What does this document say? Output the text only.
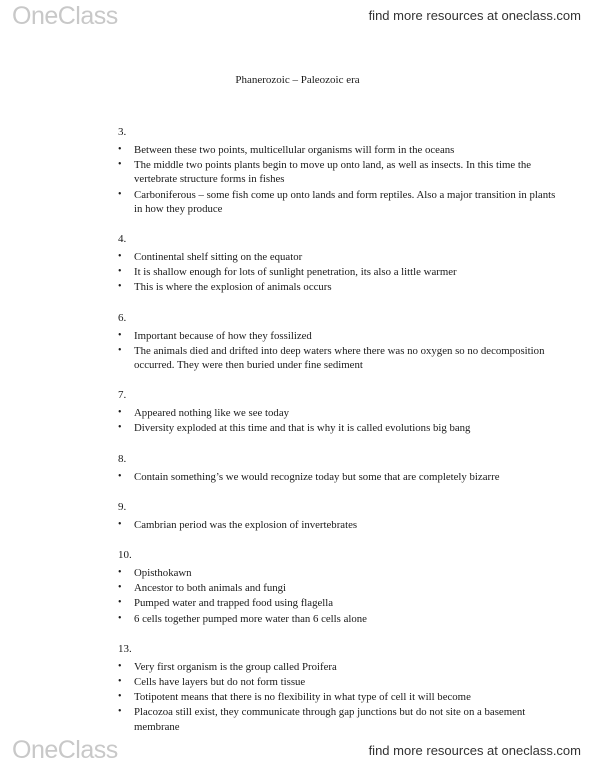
OneClass	find more resources at oneclass.com
Phanerozoic – Paleozoic era
3.
• Between these two points, multicellular organisms will form in the oceans
• The middle two points plants begin to move up onto land, as well as insects. In this time the vertebrate structure forms in fishes
• Carboniferous – some fish come up onto lands and form reptiles. Also a major transition in plants in how they produce
4.
• Continental shelf sitting on the equator
• It is shallow enough for lots of sunlight penetration, its also a little warmer
• This is where the explosion of animals occurs
6.
• Important because of how they fossilized
• The animals died and drifted into deep waters where there was no oxygen so no decomposition occurred. They were then buried under fine sediment
7.
• Appeared nothing like we see today
• Diversity exploded at this time and that is why it is called evolutions big bang
8.
• Contain something’s we would recognize today but some that are completely bizarre
9.
• Cambrian period was the explosion of invertebrates
10.
• Opisthokawn
• Ancestor to both animals and fungi
• Pumped water and trapped food using flagella
• 6 cells together pumped more water than 6 cells alone
13.
• Very first organism is the group called Proifera
• Cells have layers but do not form tissue
• Totipotent means that there is no flexibility in what type of cell it will become
• Placozoa still exist, they communicate through gap junctions but do not site on a basement membrane
OneClass	find more resources at oneclass.com
